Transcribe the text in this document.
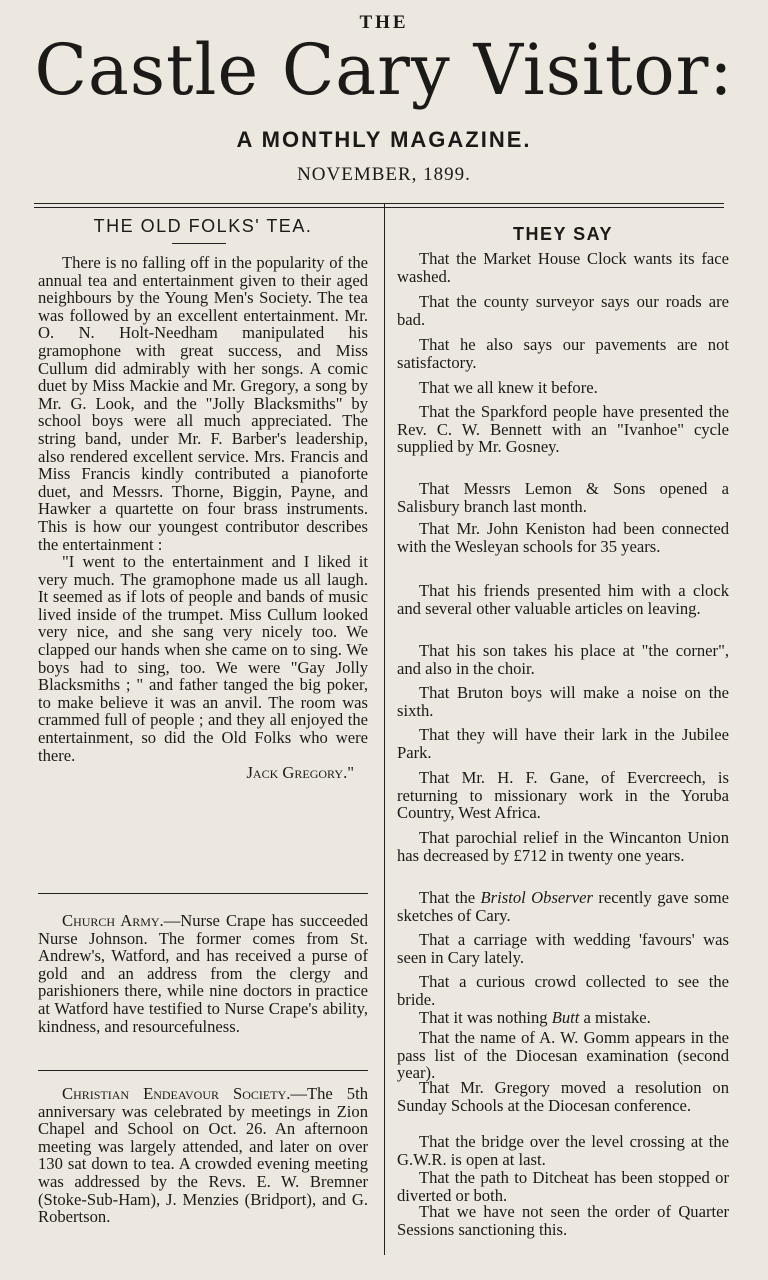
THE
Castle Cary Visitor:
A MONTHLY MAGAZINE.
NOVEMBER, 1899.
THE OLD FOLKS' TEA.

There is no falling off in the popularity of the annual tea and entertainment given to their aged neighbours by the Young Men's Society. The tea was followed by an excellent entertainment. Mr. O. N. Holt-Needham manipulated his gramophone with great success, and Miss Cullum did admirably with her songs. A comic duet by Miss Mackie and Mr. Gregory, a song by Mr. G. Look, and the "Jolly Blacksmiths" by school boys were all much appreciated. The string band, under Mr. F. Barber's leadership, also rendered excellent service. Mrs. Francis and Miss Francis kindly contributed a pianoforte duet, and Messrs. Thorne, Biggin, Payne, and Hawker a quartette on four brass instruments. This is how our youngest contributor describes the entertainment :

"I went to the entertainment and I liked it very much. The gramophone made us all laugh. It seemed as if lots of people and bands of music lived inside of the trumpet. Miss Cullum looked very nice, and she sang very nicely too. We clapped our hands when she came on to sing. We boys had to sing, too. We were "Gay Jolly Blacksmiths ; " and father tanged the big poker, to make believe it was an anvil. The room was crammed full of people ; and they all enjoyed the entertainment, so did the Old Folks who were there.

Jack Gregory."

Church Army.—Nurse Crape has succeeded Nurse Johnson. The former comes from St. Andrew's, Watford, and has received a purse of gold and an address from the clergy and parishioners there, while nine doctors in practice at Watford have testified to Nurse Crape's ability, kindness, and resourcefulness.

Christian Endeavour Society.—The 5th anniversary was celebrated by meetings in Zion Chapel and School on Oct. 26. An afternoon meeting was largely attended, and later on over 130 sat down to tea. A crowded evening meeting was addressed by the Revs. E. W. Bremner (Stoke-Sub-Ham), J. Menzies (Bridport), and G. Robertson.

THEY SAY
That the Market House Clock wants its face washed.
That the county surveyor says our roads are bad.
That he also says our pavements are not satisfactory.
That we all knew it before.
That the Sparkford people have presented the Rev. C. W. Bennett with an "Ivanhoe" cycle supplied by Mr. Gosney.
That Messrs Lemon & Sons opened a Salisbury branch last month.
That Mr. John Keniston had been connected with the Wesleyan schools for 35 years.
That his friends presented him with a clock and several other valuable articles on leaving.
That his son takes his place at "the corner", and also in the choir.
That Bruton boys will make a noise on the sixth.
That they will have their lark in the Jubilee Park.
That Mr. H. F. Gane, of Evercreech, is returning to missionary work in the Yoruba Country, West Africa.
That parochial relief in the Wincanton Union has decreased by £712 in twenty one years.
That the Bristol Observer recently gave some sketches of Cary.
That a carriage with wedding 'favours' was seen in Cary lately.
That a curious crowd collected to see the bride.
That it was nothing Butt a mistake.
That the name of A. W. Gomm appears in the pass list of the Diocesan examination (second year).
That Mr. Gregory moved a resolution on Sunday Schools at the Diocesan conference.
That the bridge over the level crossing at the G.W.R. is open at last.
That the path to Ditcheat has been stopped or diverted or both.
That we have not seen the order of Quarter Sessions sanctioning this.
